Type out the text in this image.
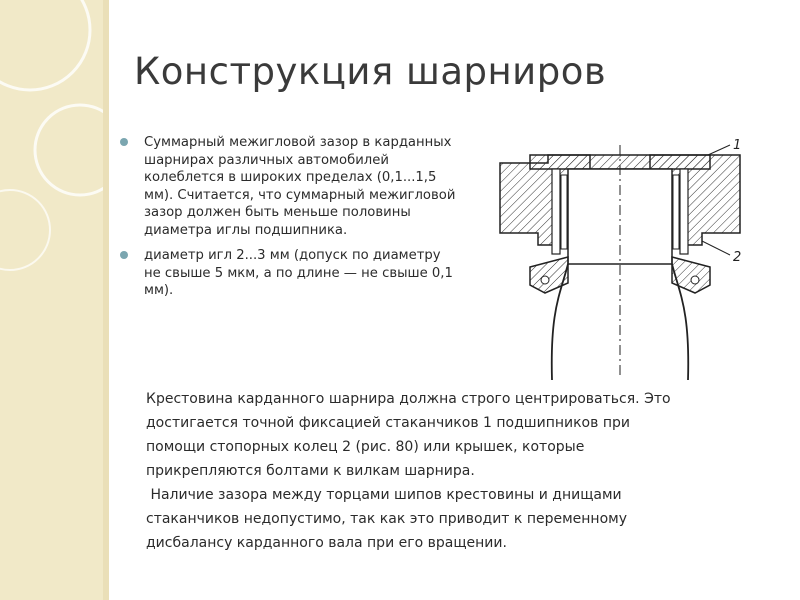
Конструкция шарниров
Суммарный межигловой зазор в карданных шарнирах различных автомобилей колеблется в широких пределах (0,1...1,5 мм). Считается, что суммарный межигловой зазор должен быть меньше половины диаметра иглы подшипника.
диаметр игл 2...3 мм (допуск по диаметру не свыше 5 мкм, а по длине — не свыше 0,1 мм).
1
2

Крестовина карданного шарнира должна строго центрироваться. Это
достигается точной фиксацией стаканчиков 1 подшипников при
помощи стопорных колец 2 (рис. 80) или крышек, которые
прикрепляются болтами к вилкам шарнира.
Наличие зазора между торцами шипов крестовины и днищами
стаканчиков недопустимо, так как это приводит к переменному
дисбалансу карданного вала при его вращении.
